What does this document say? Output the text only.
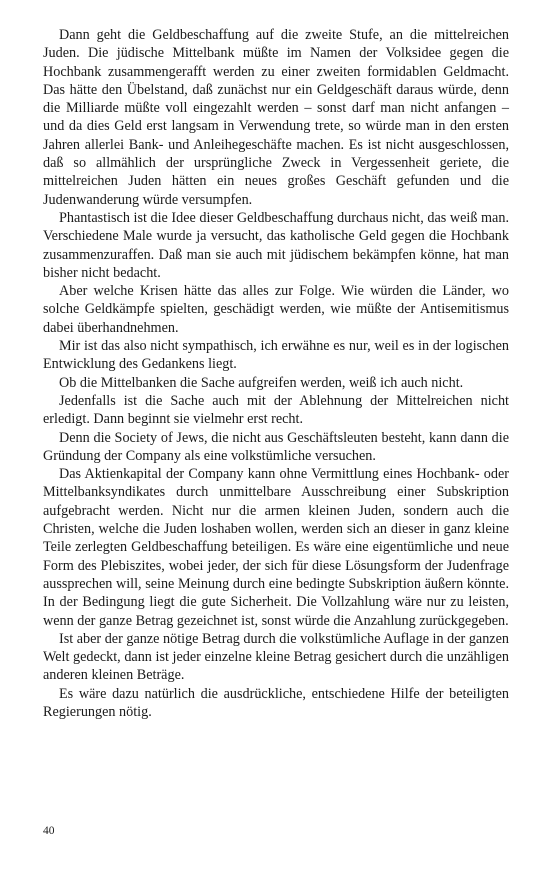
Dann geht die Geldbeschaffung auf die zweite Stufe, an die mittelreichen Juden. Die jüdische Mittelbank müßte im Namen der Volksidee gegen die Hochbank zusammengerafft werden zu einer zweiten formidablen Geldmacht. Das hätte den Übelstand, daß zunächst nur ein Geldgeschäft daraus würde, denn die Milliarde müßte voll eingezahlt werden – sonst darf man nicht anfangen – und da dies Geld erst langsam in Verwendung trete, so würde man in den ersten Jahren allerlei Bank- und Anleihegeschäfte machen. Es ist nicht ausgeschlossen, daß so allmählich der ursprüngliche Zweck in Vergessenheit geriete, die mittelreichen Juden hätten ein neues großes Geschäft gefunden und die Judenwanderung würde versumpfen.

Phantastisch ist die Idee dieser Geldbeschaffung durchaus nicht, das weiß man. Verschiedene Male wurde ja versucht, das katholische Geld gegen die Hochbank zusammenzuraffen. Daß man sie auch mit jüdischem bekämpfen könne, hat man bisher nicht bedacht.

Aber welche Krisen hätte das alles zur Folge. Wie würden die Länder, wo solche Geldkämpfe spielten, geschädigt werden, wie müßte der Antisemitismus dabei überhandnehmen.

Mir ist das also nicht sympathisch, ich erwähne es nur, weil es in der logischen Entwicklung des Gedankens liegt.

Ob die Mittelbanken die Sache aufgreifen werden, weiß ich auch nicht.

Jedenfalls ist die Sache auch mit der Ablehnung der Mittelreichen nicht erledigt. Dann beginnt sie vielmehr erst recht.

Denn die Society of Jews, die nicht aus Geschäftsleuten besteht, kann dann die Gründung der Company als eine volkstümliche versuchen.

Das Aktienkapital der Company kann ohne Vermittlung eines Hochbank- oder Mittelbanksyndikates durch unmittelbare Ausschreibung einer Subskription aufgebracht werden. Nicht nur die armen kleinen Juden, sondern auch die Christen, welche die Juden loshaben wollen, werden sich an dieser in ganz kleine Teile zerlegten Geldbeschaffung beteiligen. Es wäre eine eigentümliche und neue Form des Plebiszites, wobei jeder, der sich für diese Lösungsform der Judenfrage aussprechen will, seine Meinung durch eine bedingte Subskription äußern könnte. In der Bedingung liegt die gute Sicherheit. Die Vollzahlung wäre nur zu leisten, wenn der ganze Betrag gezeichnet ist, sonst würde die Anzahlung zurückgegeben.

Ist aber der ganze nötige Betrag durch die volkstümliche Auflage in der ganzen Welt gedeckt, dann ist jeder einzelne kleine Betrag gesichert durch die unzähligen anderen kleinen Beträge.

Es wäre dazu natürlich die ausdrückliche, entschiedene Hilfe der beteiligten Regierungen nötig.

40
